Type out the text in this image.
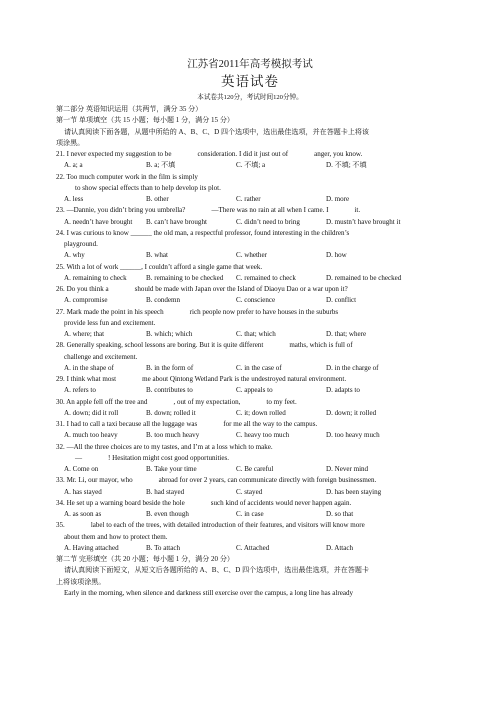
江苏省2011年高考模拟考试
英语试卷
本试卷共120分，考试时间120分钟。
第二部分 英语知识运用（共两节，满分 35 分）
第一节 单项填空（共 15 小题；每小题 1 分，满分 15 分）
请认真阅读下面各题，从题中所给的 A、B、C、D 四个选项中，选出最佳选项，并在答题卡上将该
项涂黑。
21. I never expected my suggestion to be	consideration. I did it just out of	anger, you know.
A. a; a	B. a; 不填	C. 不填; a	D. 不填; 不填
22. Too much computer work in the film is simply
to show special effects than to help develop its plot.
A. less	B. other	C. rather	D. more
23. —Dannie, you didn’t bring you umbrella?	—There was no rain at all when I came. I	it.
A. needn’t have brought	B. can’t have brought	C. didn’t need to bring	D. mustn’t have brought it
24. I was curious to know ______ the old man, a respectful professor, found interesting in the children’s
playground.
A. why	B. what	C. whether	D. how
25. With a lot of work ______, I couldn’t afford a single game that week.
A. remaining to check	B. remaining to be checked	C. remained to check	D. remained to be checked
26. Do you think a	should be made with Japan over the Island of Diaoyu Dao or a war upon it?
A. compromise	B. condemn	C. conscience	D. conflict
27. Mark made the point in his speech	rich people now prefer to have houses in the suburbs
provide less fun and excitement.
A. where; that	B. which; which	C. that; which	D. that; where
28. Generally speaking, school lessons are boring. But it is quite different	maths, which is full of
challenge and excitement.
A. in the shape of	B. in the form of	C. in the case of	D. in the charge of
29. I think what most	me about Qintong Wetland Park is the undestroyed natural environment.
A. refers to	B. contributes to	C. appeals to	D. adapts to
30. An apple fell off the tree and	, out of my expectation,	to my feet.
A. down; did it roll	B. down; rolled it	C. it; down rolled	D. down; it rolled
31. I had to call a taxi because all the luggage was	for me all the way to the campus.
A. much too heavy	B. too much heavy	C. heavy too much	D. too heavy much
32. —All the three choices are to my tastes, and I’m at a loss which to make.
—	! Hesitation might cost good opportunities.
A. Come on	B. Take your time	C. Be careful	D. Never mind
33. Mr. Li, our mayor, who	abroad for over 2 years, can communicate directly with foreign businessmen.
A. has stayed	B. had stayed	C. stayed	D. has been staying
34. He set up a warning board beside the hole	such kind of accidents would never happen again.
A. as soon as	B. even though	C. in case	D. so that
35.	label to each of the trees, with detailed introduction of their features, and visitors will know more
about them and how to protect them.
A. Having attached	B. To attach	C. Attached	D. Attach
第二节 完形填空（共 20 小题；每小题 1 分，满分 20 分）
请认真阅读下面短文，从短文后各题所给的 A、B、C、D 四个选项中，选出最佳选项，并在答题卡
上将该项涂黑。
Early in the morning, when silence and darkness still exercise over the campus, a long line has already
